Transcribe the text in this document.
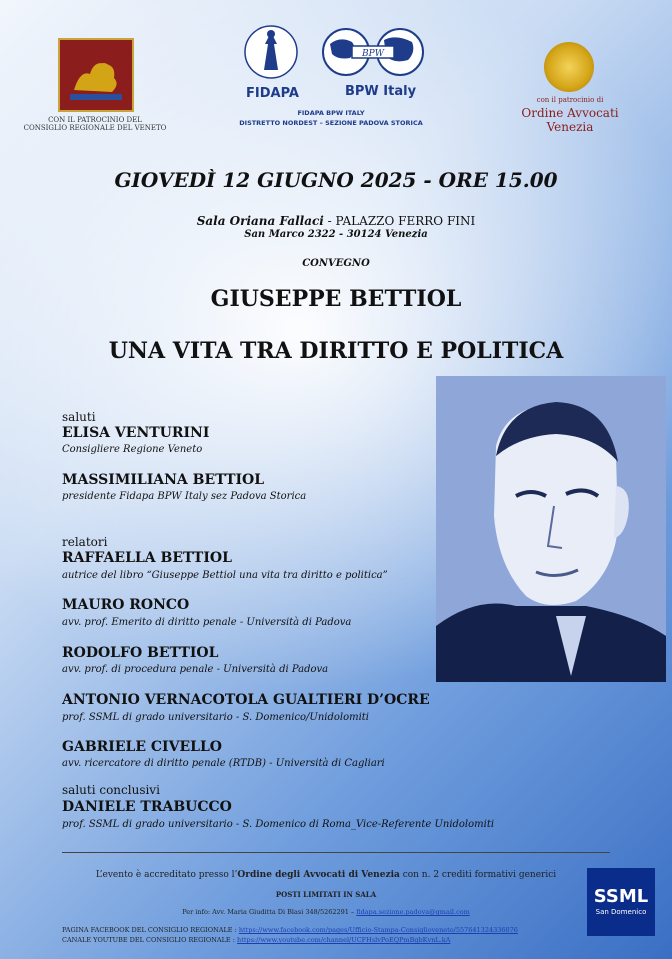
CON IL PATROCINIO DEL
CONSIGLIO REGIONALE DEL VENETO
BPW
FIDAPA	BPW Italy
FIDAPA BPW ITALY
DISTRETTO NORDEST – SEZIONE PADOVA STORICA
con il patrocinio di
Ordine Avvocati Venezia
GIOVEDÌ 12 GIUGNO 2025 - ORE 15.00
Sala Oriana Fallaci - PALAZZO FERRO FINI
San Marco 2322 - 30124 Venezia
CONVEGNO
GIUSEPPE BETTIOL
UNA VITA TRA DIRITTO E POLITICA
saluti
ELISA VENTURINI
Consigliere Regione Veneto
MASSIMILIANA BETTIOL
presidente Fidapa BPW Italy sez Padova Storica
relatori
RAFFAELLA BETTIOL
autrice del libro “Giuseppe Bettiol una vita tra diritto e politica”
MAURO RONCO
avv. prof. Emerito di diritto penale - Università di Padova
RODOLFO BETTIOL
avv. prof. di procedura penale - Università di Padova
ANTONIO VERNACOTOLA GUALTIERI D’OCRE
prof. SSML di grado universitario - S. Domenico/Unidolomiti
GABRIELE CIVELLO
avv. ricercatore di diritto penale (RTDB) - Università di Cagliari
saluti conclusivi
DANIELE TRABUCCO
prof. SSML di grado universitario - S. Domenico di Roma_Vice-Referente Unidolomiti
L’evento è accreditato presso l’Ordine degli Avvocati di Venezia con n. 2 crediti formativi generici
POSTI LIMITATI IN SALA
Per info: Avv. Maria Giuditta Di Blasi 348/5262291 – fidapa.sezione.padova@gmail.com
PAGINA FACEBOOK DEL CONSIGLIO REGIONALE : https://www.facebook.com/pages/Ufficio-Stampa-Consiglioveneto/557641324336076
CANALE YOUTUBE DEL CONSIGLIO REGIONALE : https://www.youtube.com/channel/UCFHslvPoEQPmBgbKvnL.kA
SSML
San Domenico
